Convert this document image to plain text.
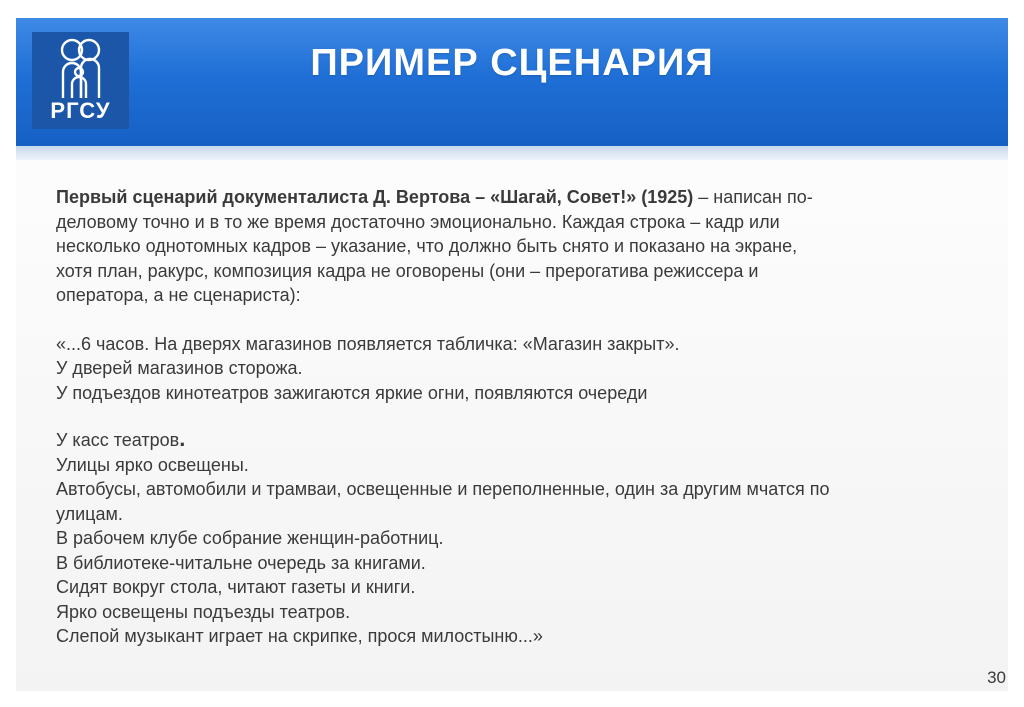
РГСУ
ПРИМЕР СЦЕНАРИЯ

Первый сценарий документалиста Д. Вертова – «Шагай, Совет!» (1925) – написан по-
деловому точно и в то же время достаточно эмоционально. Каждая строка – кадр или
несколько однотомных кадров – указание, что должно быть снято и показано на экране,
хотя план, ракурс, композиция кадра не оговорены (они – прерогатива режиссера и
оператора, а не сценариста):

«...6 часов. На дверях магазинов появляется табличка: «Магазин закрыт».
У дверей магазинов сторожа.
У подъездов кинотеатров зажигаются яркие огни, появляются очереди

У касс театров.
Улицы ярко освещены.
Автобусы, автомобили и трамваи, освещенные и переполненные, один за другим мчатся по
улицам.
В рабочем клубе собрание женщин-работниц.
В библиотеке-читальне очередь за книгами.
Сидят вокруг стола, читают газеты и книги.
Ярко освещены подъезды театров.
Слепой музыкант играет на скрипке, прося милостыню...»

30
